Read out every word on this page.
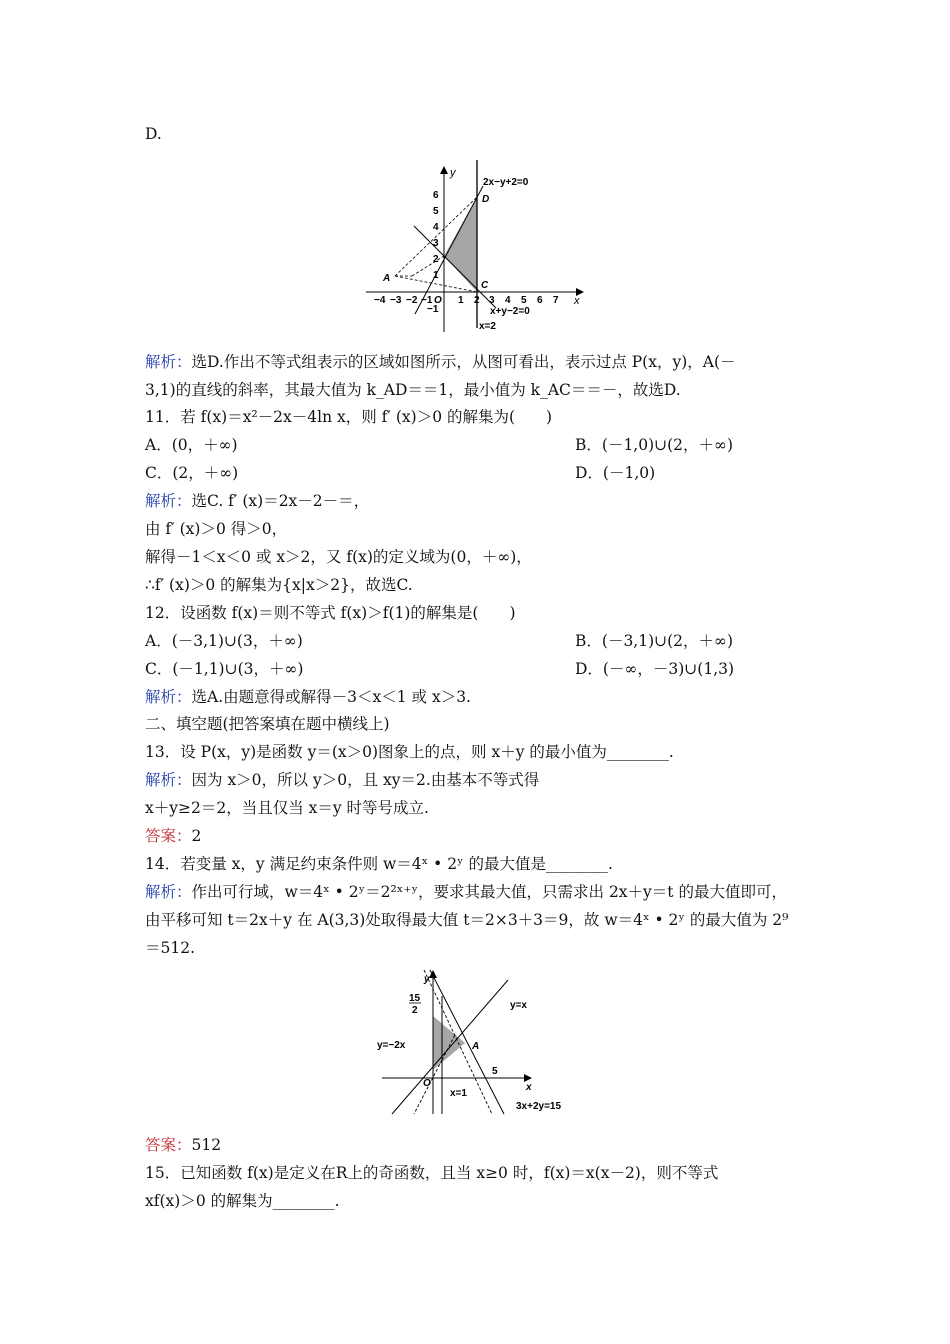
D.
y
x
2x−y+2=0
D
C
A
x+y−2=0
x=2
6
5
4
3
2
1
−1
−4 −3 −2 −1 O 1 2 3 4 5 6 7
解析：选D.作出不等式组表示的区域如图所示，从图可看出，表示过点 P(x，y)，A(－
3,1)的直线的斜率，其最大值为 k_AD＝＝1，最小值为 k_AC＝＝－，故选D.
11．若 f(x)＝x²－2x－4ln x，则 f′ (x)＞0 的解集为(　　)
A．(0，＋∞)	B．(－1,0)∪(2，＋∞)
C．(2，＋∞)	D．(－1,0)
解析：选C. f′ (x)＝2x－2－＝，
由 f′ (x)＞0 得＞0，
解得－1＜x＜0 或 x＞2，又 f(x)的定义域为(0，＋∞)，
∴f′ (x)＞0 的解集为{x|x＞2}，故选C.
12．设函数 f(x)＝则不等式 f(x)＞f(1)的解集是(　　)
A．(－3,1)∪(3，＋∞)	B．(－3,1)∪(2，＋∞)
C．(－1,1)∪(3，＋∞)	D．(－∞，－3)∪(1,3)
解析：选A.由题意得或解得－3＜x＜1 或 x＞3.
二、填空题(把答案填在题中横线上)
13．设 P(x，y)是函数 y＝(x＞0)图象上的点，则 x＋y 的最小值为________.
解析：因为 x＞0，所以 y＞0，且 xy＝2.由基本不等式得
x＋y≥2＝2，当且仅当 x＝y 时等号成立.
答案：2
14．若变量 x，y 满足约束条件则 w＝4ˣ • 2ʸ 的最大值是________.
解析：作出可行域，w＝4ˣ • 2ʸ＝2²ˣ⁺ʸ，要求其最大值，只需求出 2x＋y＝t 的最大值即可，
由平移可知 t＝2x＋y 在 A(3,3)处取得最大值 t＝2×3＋3＝9，故 w＝4ˣ • 2ʸ 的最大值为 2⁹
＝512.
y
x
15
2
y=−2x
y=x
A
5
O
x=1
3x+2y=15
答案：512
15．已知函数 f(x)是定义在R上的奇函数，且当 x≥0 时，f(x)＝x(x－2)，则不等式
xf(x)＞0 的解集为________.
